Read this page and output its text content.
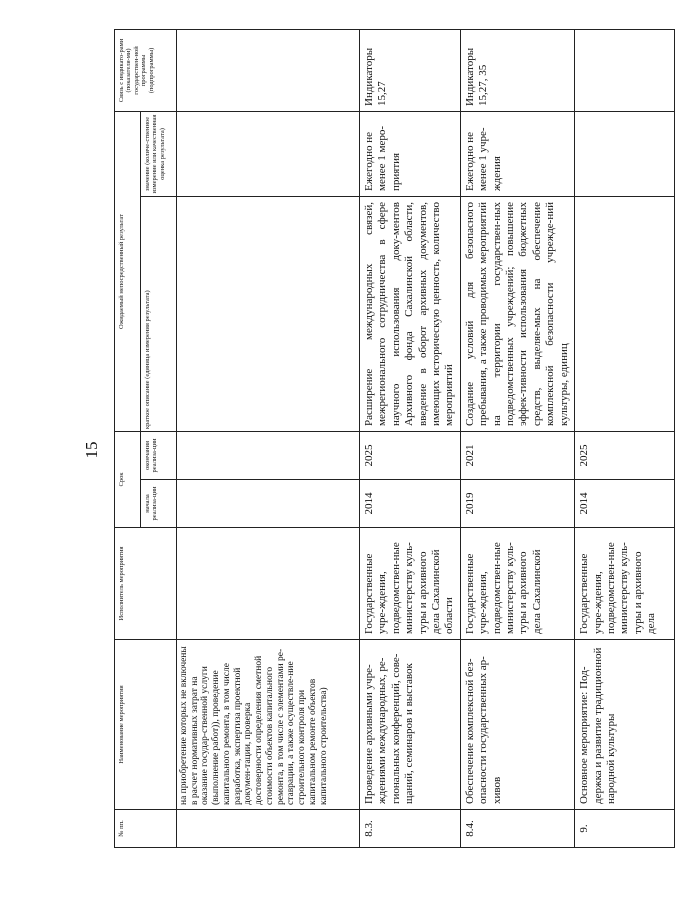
15
№ пп.	Наименование мероприятия	Исполнитель мероприятия	Срок		Ожидаемый непосредственный результат		Связь с индикато-рами (показателя-ми) государствен-ной программы (подпрограммы)
			начала реализа-ции	окончания реализа-ции	краткое описание (единица измерения результата)	значение (количе-ственное измерение или качественная оценка результата)	
	на приобретение которых не включены в расчет нормативных затрат на оказание государ-ственной услуги (выполнение работ)), проведение капитального ремонта, в том числе разработка, экспертиза проектной докумен-тации, проверка достоверности определения сметной стоимости объектов капитального ремонта, в том числе с элементами ре-ставрации, а также осуществле-ние строительного контроля при капитальном ремонте объектов капитального строительства)						
8.3.	Проведение архивными учре-ждениями международных, ре-гиональных конференций, сове-щаний, семинаров и выставок	Государственные учре-ждения, подведомствен-ные министерству куль-туры и архивного дела Сахалинской области	2014	2025	Расширение международных связей, межрегионального сотрудничества в сфере научного использования доку-ментов Архивного фонда Сахалинской области, введение в оборот архивных документов, имеющих историческую ценность, количество мероприятий	Ежегодно не менее 1 меро-приятия	Индикаторы 15,27
8.4.	Обеспечение комплексной без-опасности государственных ар-хивов	Государственные учре-ждения, подведомствен-ные министерству куль-туры и архивного дела Сахалинской	2019	2021	Создание условий для безопасного пребывания, а также проводимых мероприятий на территории государствен-ных подведомственных учреждений; повышение эффек-тивности использования бюджетных средств, выделяе-мых на обеспечение комплексной безопасности учрежде-ний культуры, единиц	Ежегодно не менее 1 учре-ждения	Индикаторы 15,27, 35
9.	Основное мероприятие: Под-держка и развитие традиционной народной культуры	Государственные учре-ждения, подведомствен-ные министерству куль-туры и архивного дела	2014	2025			
